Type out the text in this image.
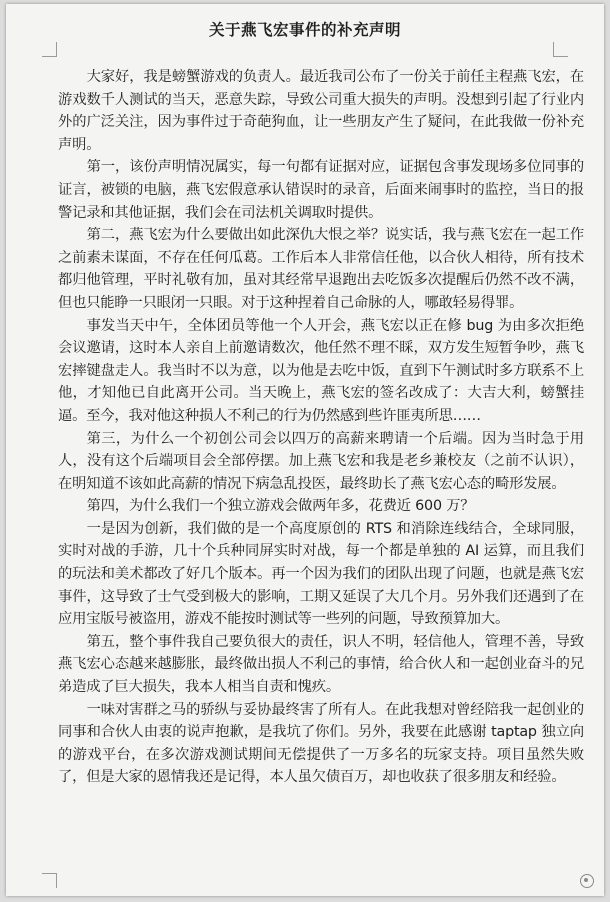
关于燕飞宏事件的补充声明

大家好，我是螃蟹游戏的负责人。最近我司公布了一份关于前任主程燕飞宏，在游戏数千人测试的当天，恶意失踪，导致公司重大损失的声明。没想到引起了行业内外的广泛关注，因为事件过于奇葩狗血，让一些朋友产生了疑问，在此我做一份补充声明。

第一，该份声明情况属实，每一句都有证据对应，证据包含事发现场多位同事的证言，被锁的电脑，燕飞宏假意承认错误时的录音，后面来闹事时的监控，当日的报警记录和其他证据，我们会在司法机关调取时提供。

第二，燕飞宏为什么要做出如此深仇大恨之举？说实话，我与燕飞宏在一起工作之前素未谋面，不存在任何瓜葛。工作后本人非常信任他，以合伙人相待，所有技术都归他管理，平时礼敬有加，虽对其经常早退跑出去吃饭多次提醒后仍然不改不满，但也只能睁一只眼闭一只眼。对于这种捏着自己命脉的人，哪敢轻易得罪。

事发当天中午，全体团员等他一个人开会，燕飞宏以正在修 bug 为由多次拒绝会议邀请，这时本人亲自上前邀请数次，他任然不理不睬，双方发生短暂争吵，燕飞宏摔键盘走人。我当时不以为意，以为他是去吃中饭，直到下午测试时多方联系不上他，才知他已自此离开公司。当天晚上，燕飞宏的签名改成了：大吉大利，螃蟹挂逼。至今，我对他这种损人不利己的行为仍然感到些许匪夷所思……

第三，为什么一个初创公司会以四万的高薪来聘请一个后端。因为当时急于用人，没有这个后端项目会全部停摆。加上燕飞宏和我是老乡兼校友（之前不认识），在明知道不该如此高薪的情况下病急乱投医，最终助长了燕飞宏心态的畸形发展。

第四，为什么我们一个独立游戏会做两年多，花费近 600 万？

一是因为创新，我们做的是一个高度原创的 RTS 和消除连线结合，全球同服，实时对战的手游，几十个兵种同屏实时对战，每一个都是单独的 AI 运算，而且我们的玩法和美术都改了好几个版本。再一个因为我们的团队出现了问题，也就是燕飞宏事件，这导致了士气受到极大的影响，工期又延误了大几个月。另外我们还遇到了在应用宝版号被盗用，游戏不能按时测试等一些列的问题，导致预算加大。

第五，整个事件我自己要负很大的责任，识人不明，轻信他人，管理不善，导致燕飞宏心态越来越膨胀，最终做出损人不利己的事情，给合伙人和一起创业奋斗的兄弟造成了巨大损失，我本人相当自责和愧疚。

一味对害群之马的骄纵与妥协最终害了所有人。在此我想对曾经陪我一起创业的同事和合伙人由衷的说声抱歉，是我坑了你们。另外，我要在此感谢 taptap 独立向的游戏平台，在多次游戏测试期间无偿提供了一万多名的玩家支持。项目虽然失败了，但是大家的恩情我还是记得，本人虽欠债百万，却也收获了很多朋友和经验。
